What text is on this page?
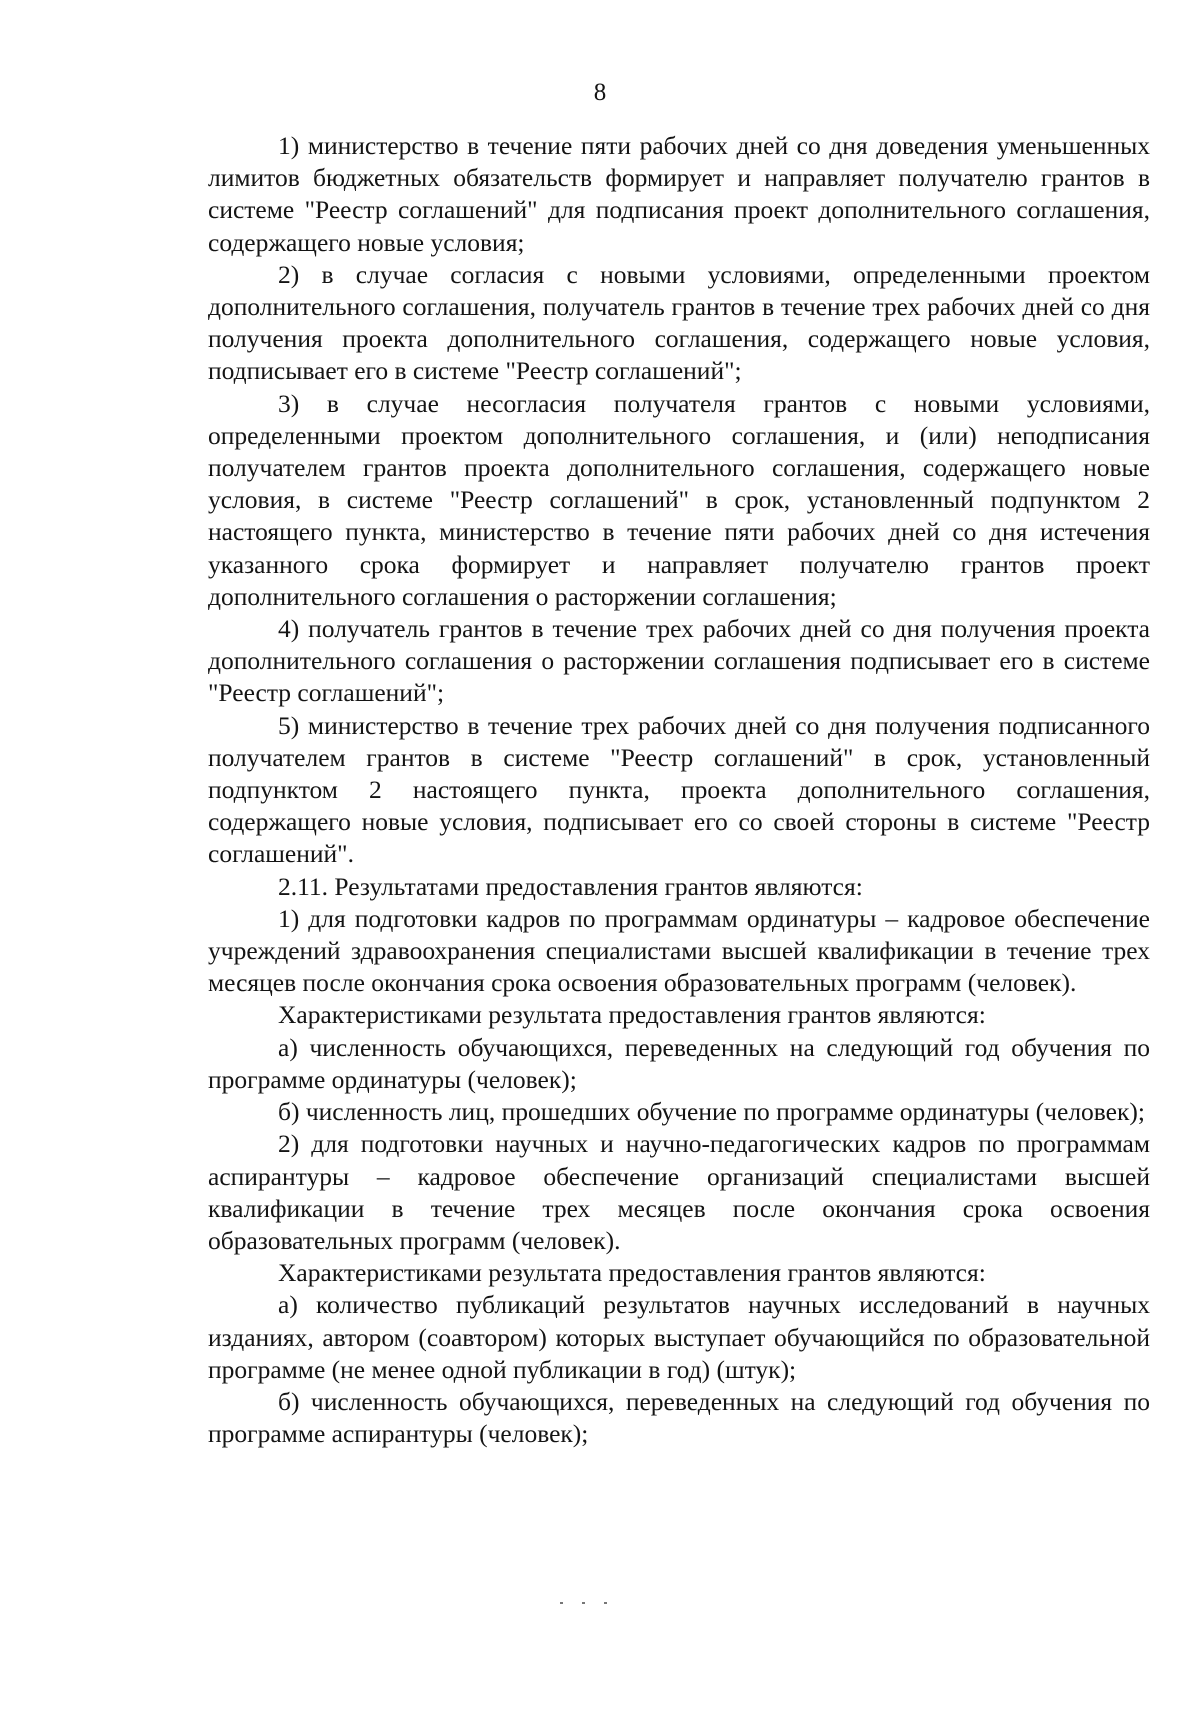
8

1) министерство в течение пяти рабочих дней со дня доведения уменьшенных лимитов бюджетных обязательств формирует и направляет получателю грантов в системе "Реестр соглашений" для подписания проект дополнительного соглашения, содержащего новые условия;

2) в случае согласия с новыми условиями, определенными проектом дополнительного соглашения, получатель грантов в течение трех рабочих дней со дня получения проекта дополнительного соглашения, содержащего новые условия, подписывает его в системе "Реестр соглашений";

3) в случае несогласия получателя грантов с новыми условиями, определенными проектом дополнительного соглашения, и (или) неподписания получателем грантов проекта дополнительного соглашения, содержащего новые условия, в системе "Реестр соглашений" в срок, установленный подпунктом 2 настоящего пункта, министерство в течение пяти рабочих дней со дня истечения указанного срока формирует и направляет получателю грантов проект дополнительного соглашения о расторжении соглашения;

4) получатель грантов в течение трех рабочих дней со дня получения проекта дополнительного соглашения о расторжении соглашения подписывает его в системе "Реестр соглашений";

5) министерство в течение трех рабочих дней со дня получения подписанного получателем грантов в системе "Реестр соглашений" в срок, установленный подпунктом 2 настоящего пункта, проекта дополнительного соглашения, содержащего новые условия, подписывает его со своей стороны в системе "Реестр соглашений".

2.11. Результатами предоставления грантов являются:

1) для подготовки кадров по программам ординатуры – кадровое обеспечение учреждений здравоохранения специалистами высшей квалификации в течение трех месяцев после окончания срока освоения образовательных программ (человек).

Характеристиками результата предоставления грантов являются:

а) численность обучающихся, переведенных на следующий год обучения по программе ординатуры (человек);

б) численность лиц, прошедших обучение по программе ординатуры (человек);

2) для подготовки научных и научно-педагогических кадров по программам аспирантуры – кадровое обеспечение организаций специалистами высшей квалификации в течение трех месяцев после окончания срока освоения образовательных программ (человек).

Характеристиками результата предоставления грантов являются:

а) количество публикаций результатов научных исследований в научных изданиях, автором (соавтором) которых выступает обучающийся по образовательной программе (не менее одной публикации в год) (штук);

б) численность обучающихся, переведенных на следующий год обучения по программе аспирантуры (человек);
